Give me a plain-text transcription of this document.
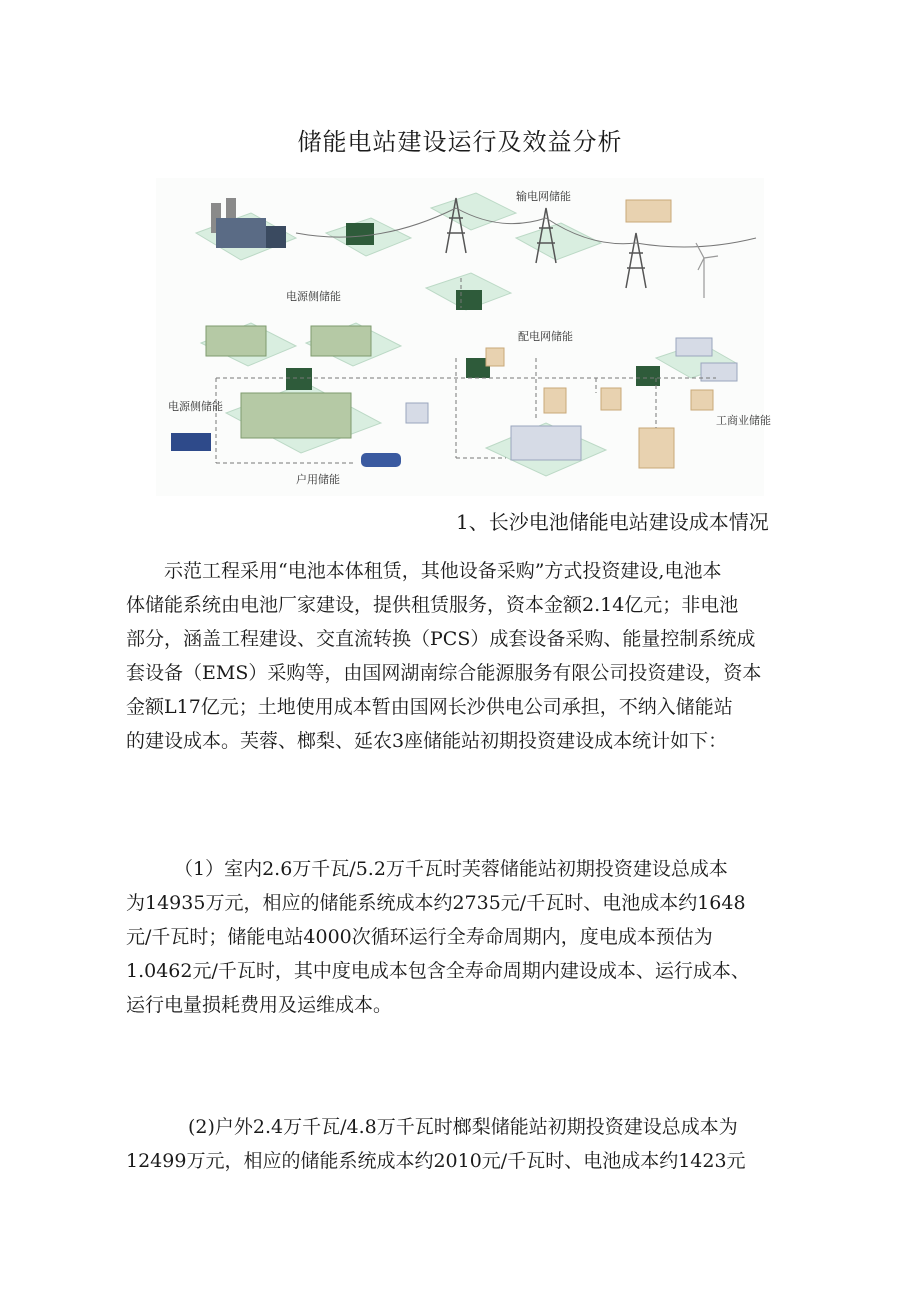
储能电站建设运行及效益分析
输电网储能
电源侧储能
配电网储能
电源侧储能
工商业储能
户用储能
1、长沙电池储能电站建设成本情况
示范工程采用“电池本体租赁，其他设备采购”方式投资建设,电池本
体储能系统由电池厂家建设，提供租赁服务，资本金额2.14亿元；非电池
部分，涵盖工程建设、交直流转换（PCS）成套设备采购、能量控制系统成
套设备（EMS）采购等，由国网湖南综合能源服务有限公司投资建设，资本
金额L17亿元；土地使用成本暂由国网长沙供电公司承担，不纳入储能站
的建设成本。芙蓉、榔梨、延农3座储能站初期投资建设成本统计如下：
（1）室内2.6万千瓦/5.2万千瓦时芙蓉储能站初期投资建设总成本
为14935万元，相应的储能系统成本约2735元/千瓦时、电池成本约1648
元/千瓦时；储能电站4000次循环运行全寿命周期内，度电成本预估为
1.0462元/千瓦时，其中度电成本包含全寿命周期内建设成本、运行成本、
运行电量损耗费用及运维成本。
(2)户外2.4万千瓦/4.8万千瓦时榔梨储能站初期投资建设总成本为
12499万元，相应的储能系统成本约2010元/千瓦时、电池成本约1423元
